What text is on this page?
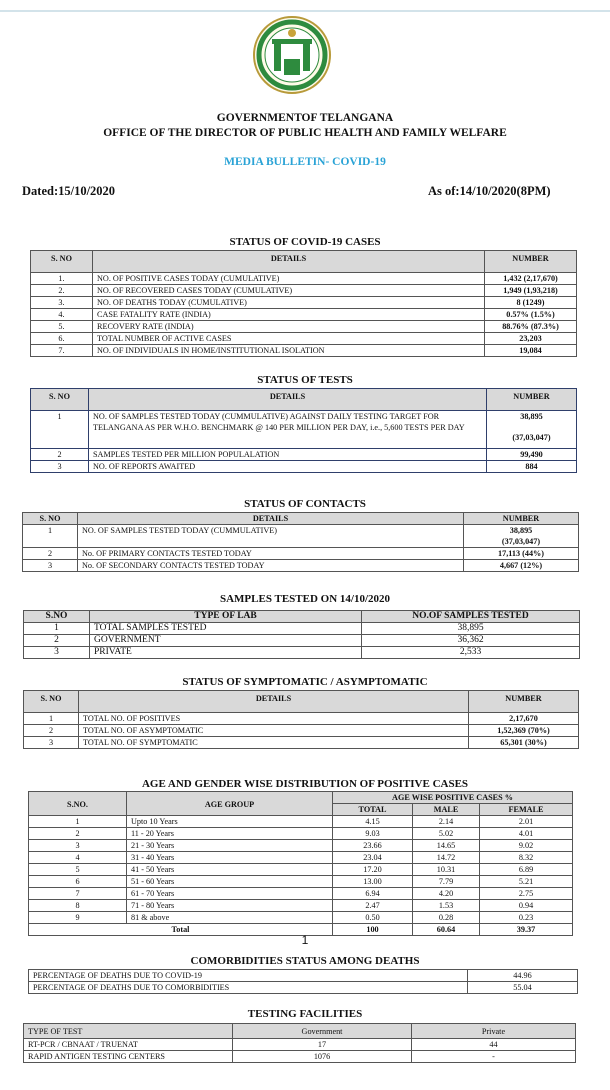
GOVERNMENTOF TELANGANA
OFFICE OF THE DIRECTOR OF PUBLIC HEALTH AND FAMILY WELFARE
MEDIA BULLETIN- COVID-19
Dated:15/10/2020	As of:14/10/2020(8PM)
STATUS OF COVID-19 CASES
S. NO	DETAILS	NUMBER
1.	NO. OF POSITIVE CASES TODAY (CUMULATIVE)	1,432 (2,17,670)
2.	NO. OF RECOVERED CASES TODAY (CUMULATIVE)	1,949 (1,93,218)
3.	NO. OF DEATHS TODAY (CUMULATIVE)	8 (1249)
4.	CASE FATALITY RATE (INDIA)	0.57% (1.5%)
5.	RECOVERY RATE (INDIA)	88.76% (87.3%)
6.	TOTAL NUMBER OF ACTIVE CASES	23,203
7.	NO. OF INDIVIDUALS IN HOME/INSTITUTIONAL ISOLATION	19,084
STATUS OF TESTS
S. NO	DETAILS	NUMBER
1	NO. OF SAMPLES TESTED TODAY (CUMMULATIVE) AGAINST DAILY TESTING TARGET FOR TELANGANA AS PER W.H.O. BENCHMARK @ 140 PER MILLION PER DAY, i.e., 5,600 TESTS PER DAY	38,895
(37,03,047)

2	SAMPLES TESTED PER MILLION POPULALATION	99,490
3	NO. OF REPORTS AWAITED	884
STATUS OF CONTACTS
S. NO	DETAILS	NUMBER
1	NO. OF SAMPLES TESTED TODAY (CUMMULATIVE)	38,895
(37,03,047)

2	No. OF PRIMARY CONTACTS TESTED TODAY	17,113 (44%)
3	No. OF SECONDARY CONTACTS TESTED TODAY	4,667 (12%)
SAMPLES TESTED ON 14/10/2020
S.NO	TYPE OF LAB	NO.OF SAMPLES TESTED
1	TOTAL SAMPLES TESTED	38,895
2	GOVERNMENT	36,362
3	PRIVATE	2,533
STATUS OF SYMPTOMATIC / ASYMPTOMATIC
S. NO	DETAILS	NUMBER
1	TOTAL NO. OF POSITIVES	2,17,670
2	TOTAL NO. OF ASYMPTOMATIC	1,52,369 (70%)
3	TOTAL NO. OF SYMPTOMATIC	65,301 (30%)
AGE AND GENDER WISE DISTRIBUTION OF POSITIVE CASES
S.NO.	AGE GROUP	AGE WISE POSITIVE CASES %		
		TOTAL	MALE	FEMALE
1	Upto 10 Years	4.15	2.14	2.01
2	11 - 20 Years	9.03	5.02	4.01
3	21 - 30 Years	23.66	14.65	9.02
4	31 - 40 Years	23.04	14.72	8.32
5	41 - 50 Years	17.20	10.31	6.89
6	51 - 60 Years	13.00	7.79	5.21
7	61 - 70 Years	6.94	4.20	2.75
8	71 - 80 Years	2.47	1.53	0.94
9	81 & above	0.50	0.28	0.23
Total		100	60.64	39.37
1
COMORBIDITIES STATUS AMONG DEATHS
PERCENTAGE OF DEATHS DUE TO COVID-19	44.96
PERCENTAGE OF DEATHS DUE TO COMORBIDITIES	55.04
TESTING FACILITIES
TYPE OF TEST	Government	Private
RT-PCR / CBNAAT / TRUENAT	17	44
RAPID ANTIGEN TESTING CENTERS	1076	-
